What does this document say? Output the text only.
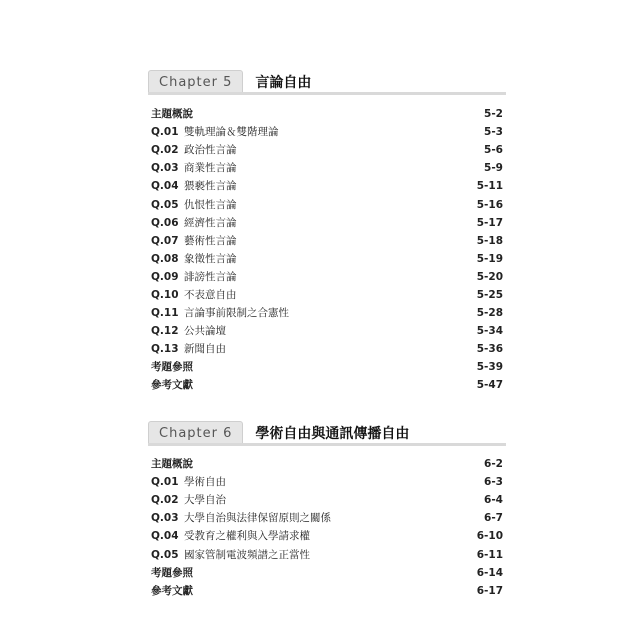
Chapter 5	言論自由
主題概說	5-2
Q.01 雙軌理論＆雙階理論	5-3
Q.02 政治性言論	5-6
Q.03 商業性言論	5-9
Q.04 猥褻性言論	5-11
Q.05 仇恨性言論	5-16
Q.06 經濟性言論	5-17
Q.07 藝術性言論	5-18
Q.08 象徵性言論	5-19
Q.09 誹謗性言論	5-20
Q.10 不表意自由	5-25
Q.11 言論事前限制之合憲性	5-28
Q.12 公共論壇	5-34
Q.13 新聞自由	5-36
考題參照	5-39
參考文獻	5-47
Chapter 6	學術自由與通訊傳播自由
主題概說	6-2
Q.01 學術自由	6-3
Q.02 大學自治	6-4
Q.03 大學自治與法律保留原則之關係	6-7
Q.04 受教育之權利與入學請求權	6-10
Q.05 國家管制電波頻譜之正當性	6-11
考題參照	6-14
參考文獻	6-17
